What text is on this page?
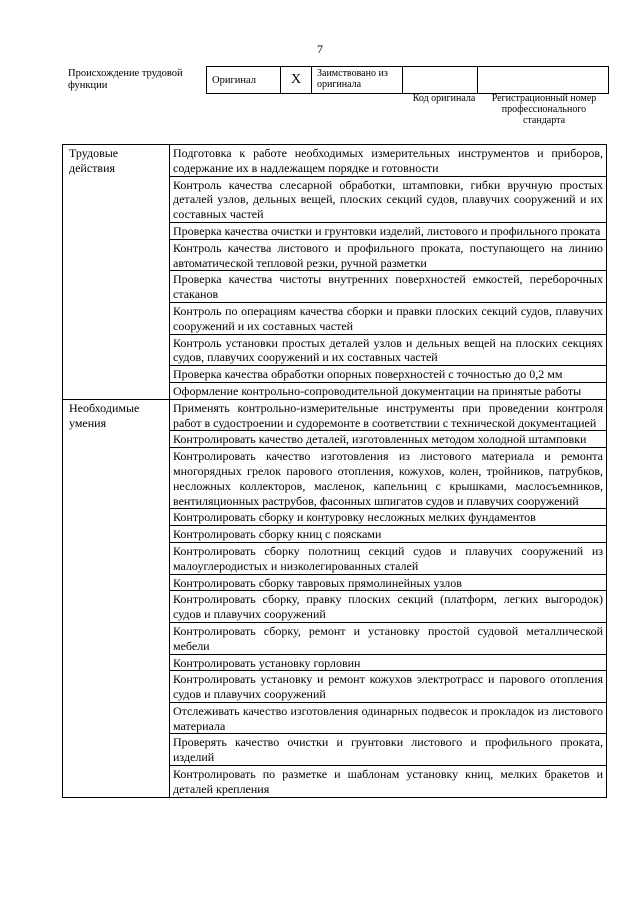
7
Происхождение трудовой функции	Оригинал	X	Заимствовано из оригинала		
Код оригинала	Регистрационный номер профессионального стандарта
Трудовые действия	Подготовка к работе необходимых измерительных инструментов и приборов, содержание их в надлежащем порядке и готовности
	Контроль качества слесарной обработки, штамповки, гибки вручную простых деталей узлов, дельных вещей, плоских секций судов, плавучих сооружений и их составных частей
	Проверка качества очистки и грунтовки изделий, листового и профильного проката
	Контроль качества листового и профильного проката, поступающего на линию автоматической тепловой резки, ручной разметки
	Проверка качества чистоты внутренних поверхностей емкостей, переборочных стаканов
	Контроль по операциям качества сборки и правки плоских секций судов, плавучих сооружений и их составных частей
	Контроль установки простых деталей узлов и дельных вещей на плоских секциях судов, плавучих сооружений и их составных частей
	Проверка качества обработки опорных поверхностей с точностью до 0,2 мм
	Оформление контрольно-сопроводительной документации на принятые работы
Необходимые умения	Применять контрольно-измерительные инструменты при проведении контроля работ в судостроении и судоремонте в соответствии с технической документацией
	Контролировать качество деталей, изготовленных методом холодной штамповки
	Контролировать качество изготовления из листового материала и ремонта многорядных грелок парового отопления, кожухов, колен, тройников, патрубков, несложных коллекторов, масленок, капельниц с крышками, маслосъемников, вентиляционных раструбов, фасонных шпигатов судов и плавучих сооружений
	Контролировать сборку и контуровку несложных мелких фундаментов
	Контролировать сборку книц с поясками
	Контролировать сборку полотнищ секций судов и плавучих сооружений из малоуглеродистых и низколегированных сталей
	Контролировать сборку тавровых прямолинейных узлов
	Контролировать сборку, правку плоских секций (платформ, легких выгородок) судов и плавучих сооружений
	Контролировать сборку, ремонт и установку простой судовой металлической мебели
	Контролировать установку горловин
	Контролировать установку и ремонт кожухов электротрасс и парового отопления судов и плавучих сооружений
	Отслеживать качество изготовления одинарных подвесок и прокладок из листового материала
	Проверять качество очистки и грунтовки листового и профильного проката, изделий
	Контролировать по разметке и шаблонам установку книц, мелких бракетов и деталей крепления
